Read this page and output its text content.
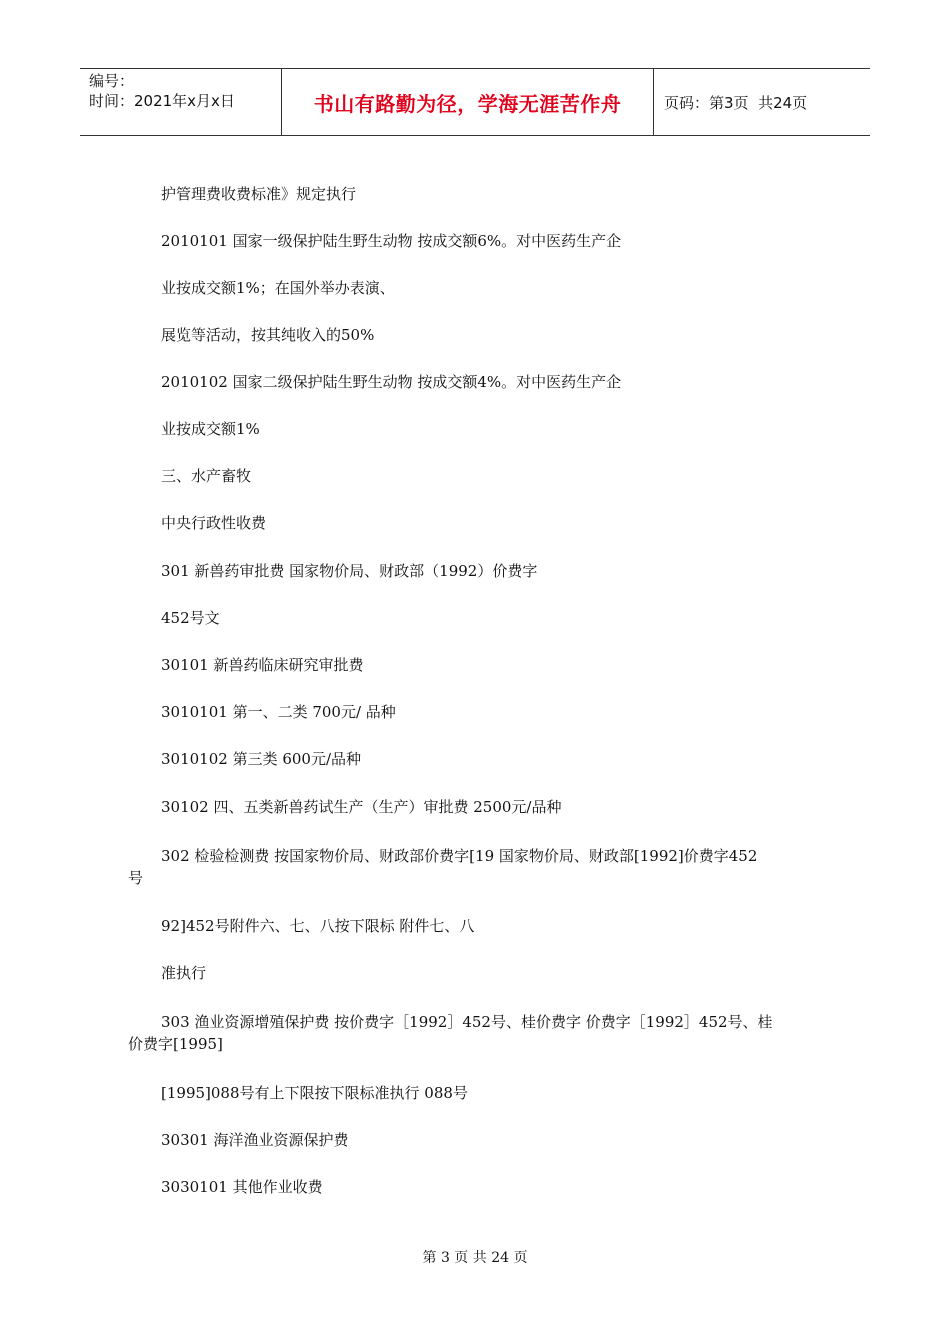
编号：
时间：2021年x月x日	书山有路勤为径，学海无涯苦作舟	页码：第3页  共24页
护管理费收费标准》规定执行
2010101 国家一级保护陆生野生动物 按成交额6%。对中医药生产企
业按成交额1%；在国外举办表演、
展览等活动，按其纯收入的50%
2010102 国家二级保护陆生野生动物 按成交额4%。对中医药生产企
业按成交额1%
三、水产畜牧
中央行政性收费
301 新兽药审批费 国家物价局、财政部（1992）价费字
452号文
30101 新兽药临床研究审批费
3010101 第一、二类 700元/ 品种
3010102 第三类 600元/品种
30102 四、五类新兽药试生产（生产）审批费 2500元/品种
302 检验检测费 按国家物价局、财政部价费字[19 国家物价局、财政部[1992]价费字452
号
92]452号附件六、七、八按下限标 附件七、八
准执行
303 渔业资源增殖保护费 按价费字［1992］452号、桂价费字 价费字［1992］452号、桂
价费字[1995]
[1995]088号有上下限按下限标准执行 088号
30301 海洋渔业资源保护费
3030101 其他作业收费
第 3 页 共 24 页
